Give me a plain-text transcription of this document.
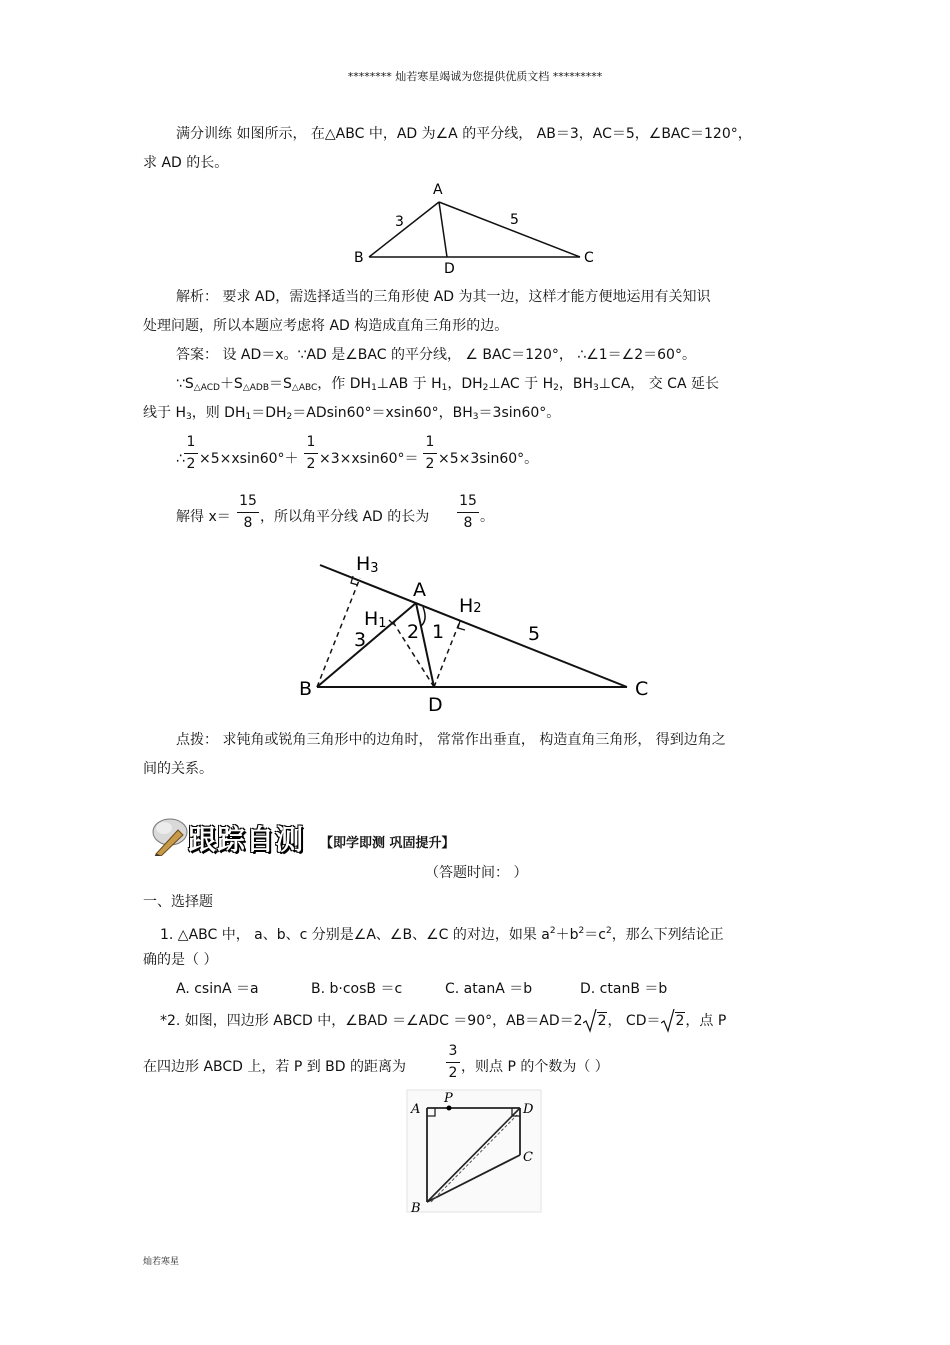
******** 灿若寒星竭诚为您提供优质文档 *********
满分训练 如图所示， 在△ABC 中，AD 为∠A 的平分线， AB＝3，AC＝5，∠BAC＝120°，
求 AD 的长。
A
B	C
D
3	5
解析： 要求 AD，需选择适当的三角形使 AD 为其一边，这样才能方便地运用有关知识
处理问题，所以本题应考虑将 AD 构造成直角三角形的边。
答案： 设 AD＝x。∵AD 是∠BAC 的平分线， ∠ BAC＝120°， ∴∠1＝∠2＝60°。
$\because S_{\triangle ACD}+S_{\triangle ADB}=S_{\triangle ABC}$，作 $DH_1\perp AB$ 于 $H_1$，$DH_2\perp AC$ 于 $H_2$，$BH_3\perp CA$， 交 CA 延长
线于 $H_3$，则 $DH_1=DH_2=ADsin60^\circ=xsin60^\circ$，$BH_3=3\sin 60^\circ$。
∴
1
2 ×5×xsin60°＋
1
2 ×3×xsin60°＝
1
2 ×5×3sin60°。
解得 x＝
15
8 ，所以角平分线 AD 的长为
15
8 。
H3
A
H2
H1 2 1
3	5
B	C
D
点拨： 求钝角或锐角三角形中的边角时， 常常作出垂直， 构造直角三角形， 得到边角之
间的关系。
跟踪自测 【即学即测 巩固提升】
（答题时间： ）
一、选择题
1. △ABC 中， a、b、c 分别是∠A、∠B、∠C 的对边，如果 $a^2+b^2=c^2$，那么下列结论正
确的是（ ）
A. csinA ＝a	B. b·cosB ＝c	C. atanA ＝b	D. ctanB ＝b
*2. 如图，四边形 ABCD 中，∠BAD ＝∠ADC ＝90°，AB＝AD＝2 2， CD＝ 2，点 P
在四边形 ABCD 上，若 P 到 BD 的距离为
3
2 ，则点 P 的个数为（ ）
A
P
D
C
B
灿若寒星
